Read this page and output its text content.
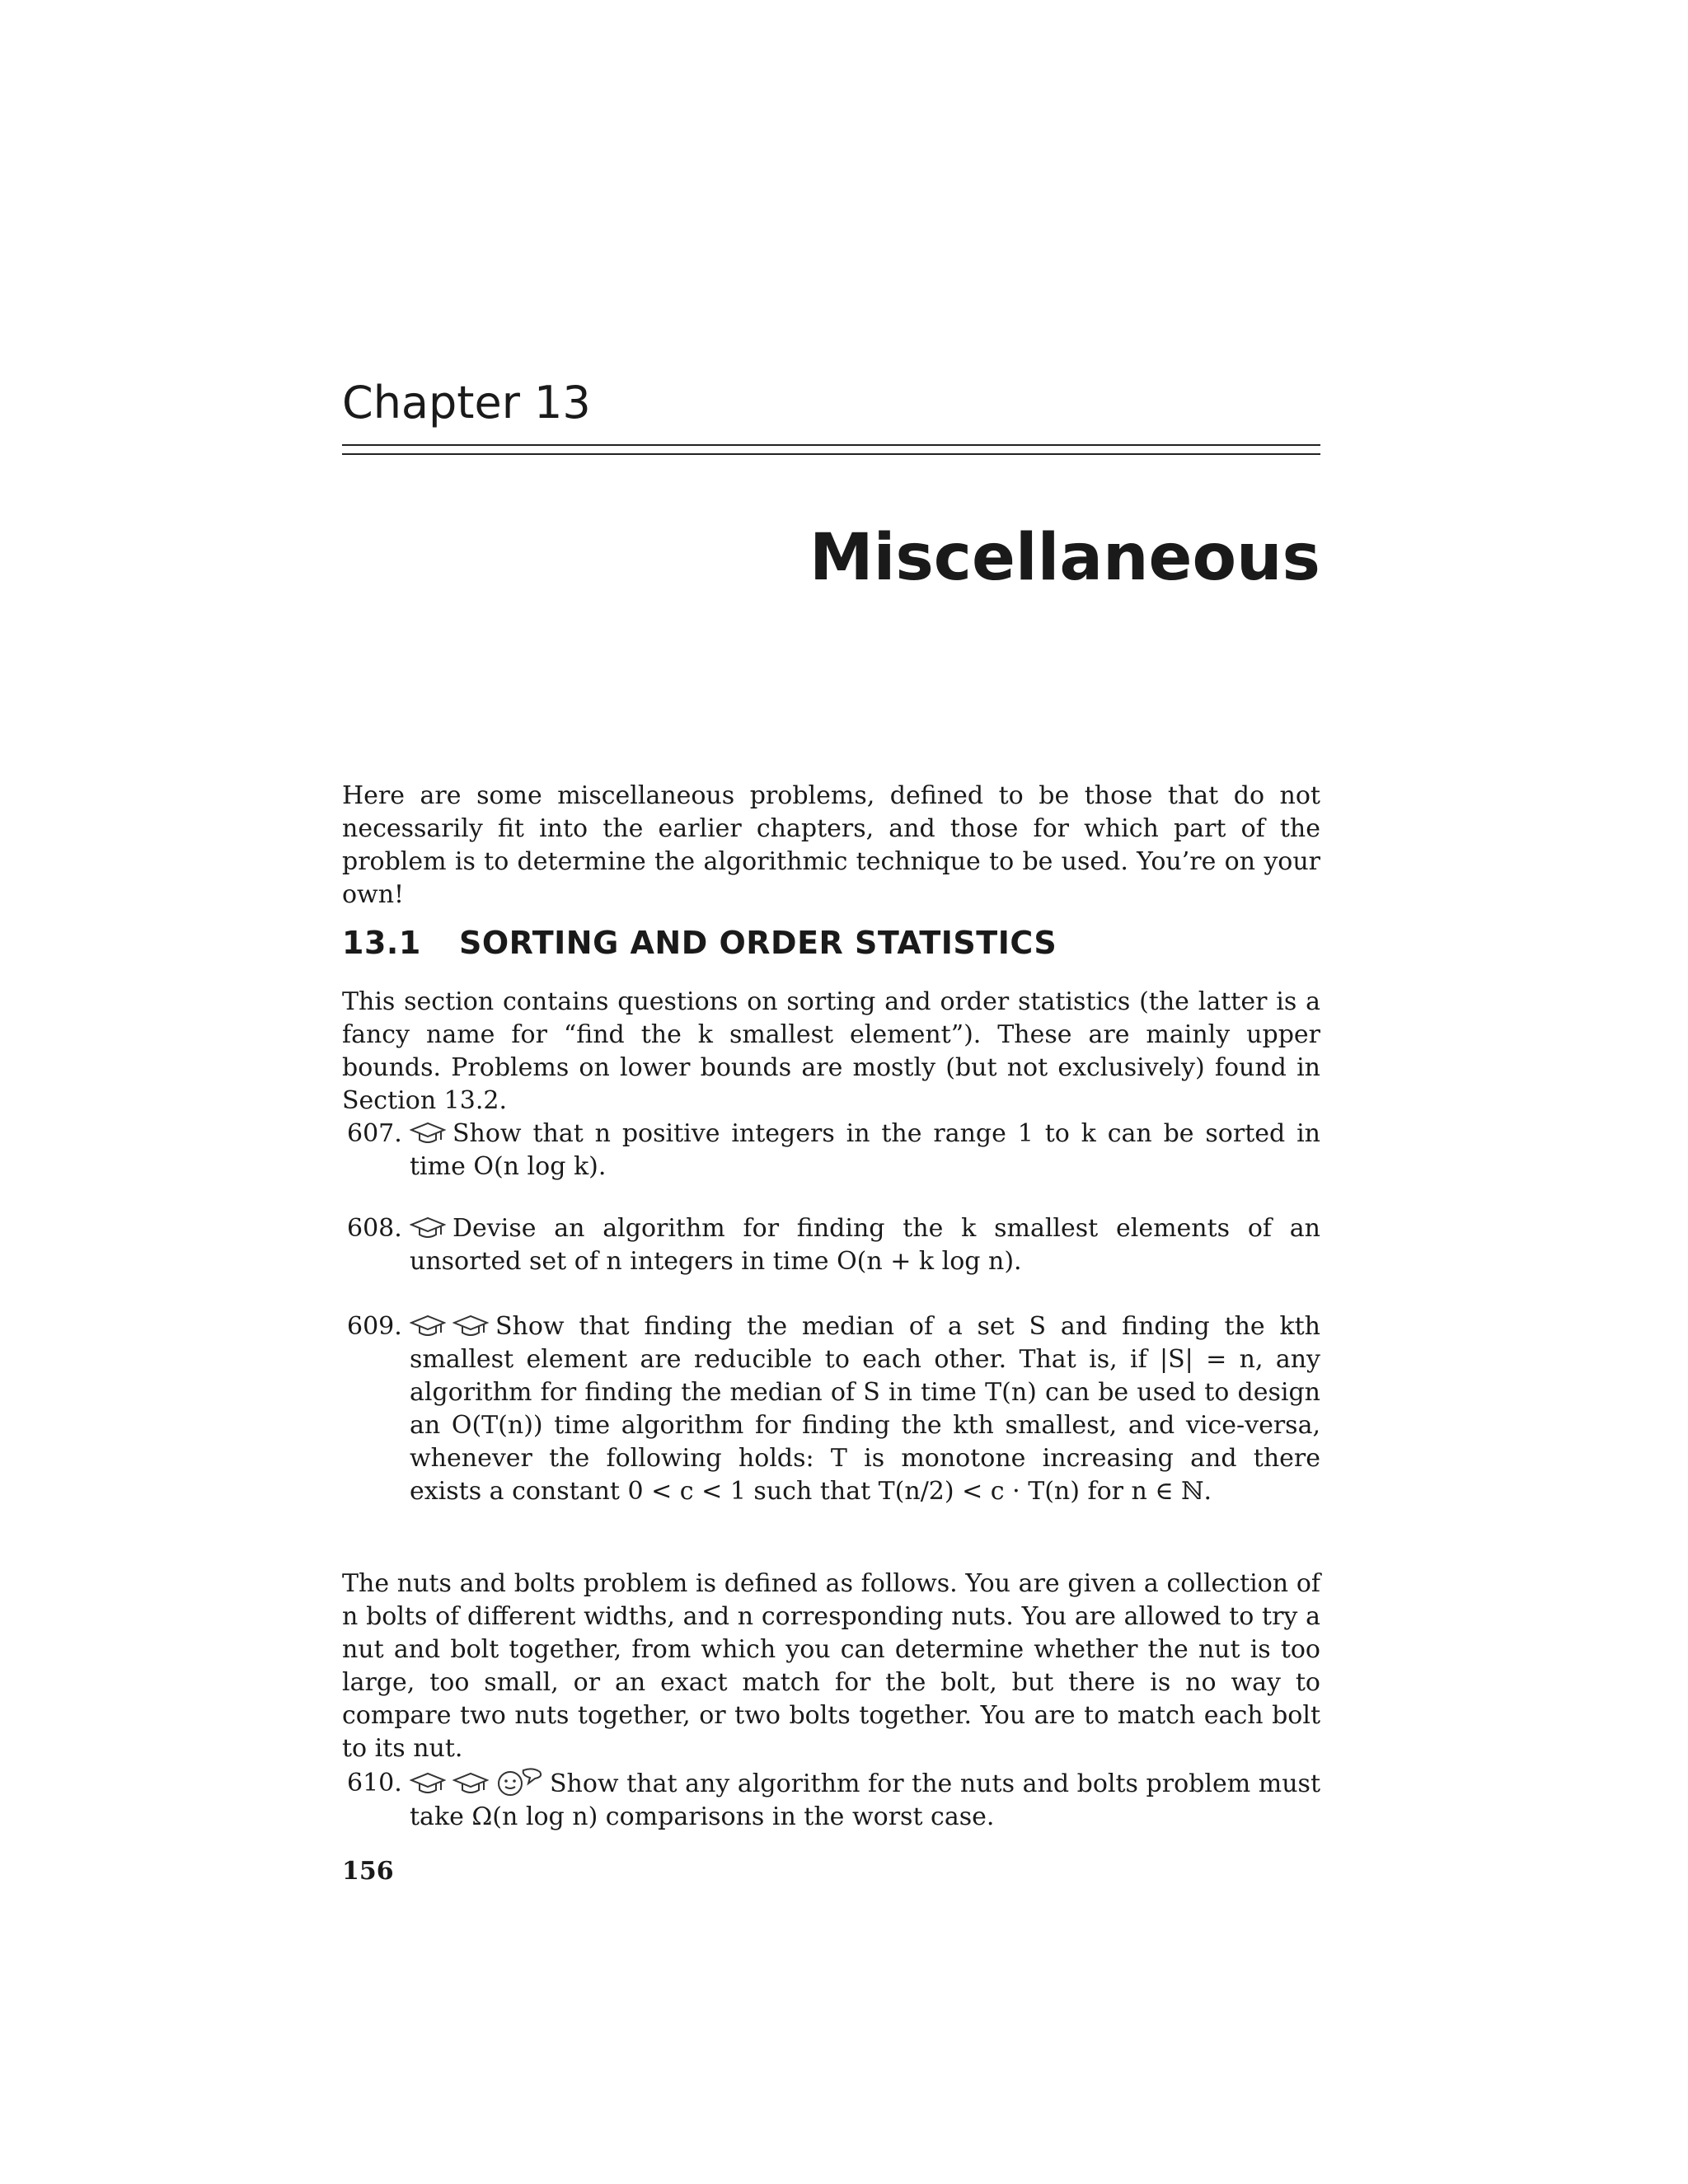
Chapter 13
Miscellaneous
Here are some miscellaneous problems, defined to be those that do not necessarily fit into the earlier chapters, and those for which part of the problem is to determine the algorithmic technique to be used. You’re on your own!
13.1 SORTING AND ORDER STATISTICS
This section contains questions on sorting and order statistics (the latter is a fancy name for “find the k smallest element”). These are mainly upper bounds. Problems on lower bounds are mostly (but not exclusively) found in Section 13.2.
607.	Show that n positive integers in the range 1 to k can be sorted in time O(n log k).
608.	Devise an algorithm for finding the k smallest elements of an unsorted set of n integers in time O(n + k log n).
609.	Show that finding the median of a set S and finding the kth smallest element are reducible to each other. That is, if |S| = n, any algorithm for finding the median of S in time T(n) can be used to design an O(T(n)) time algorithm for finding the kth smallest, and vice-versa, whenever the following holds: T is monotone increasing and there exists a constant 0 < c < 1 such that T(n/2) < c · T(n) for n ∈ ℕ.
The nuts and bolts problem is defined as follows. You are given a collection of n bolts of different widths, and n corresponding nuts. You are allowed to try a nut and bolt together, from which you can determine whether the nut is too large, too small, or an exact match for the bolt, but there is no way to compare two nuts together, or two bolts together. You are to match each bolt to its nut.
610.	Show that any algorithm for the nuts and bolts problem must take Ω(n log n) comparisons in the worst case.
156
